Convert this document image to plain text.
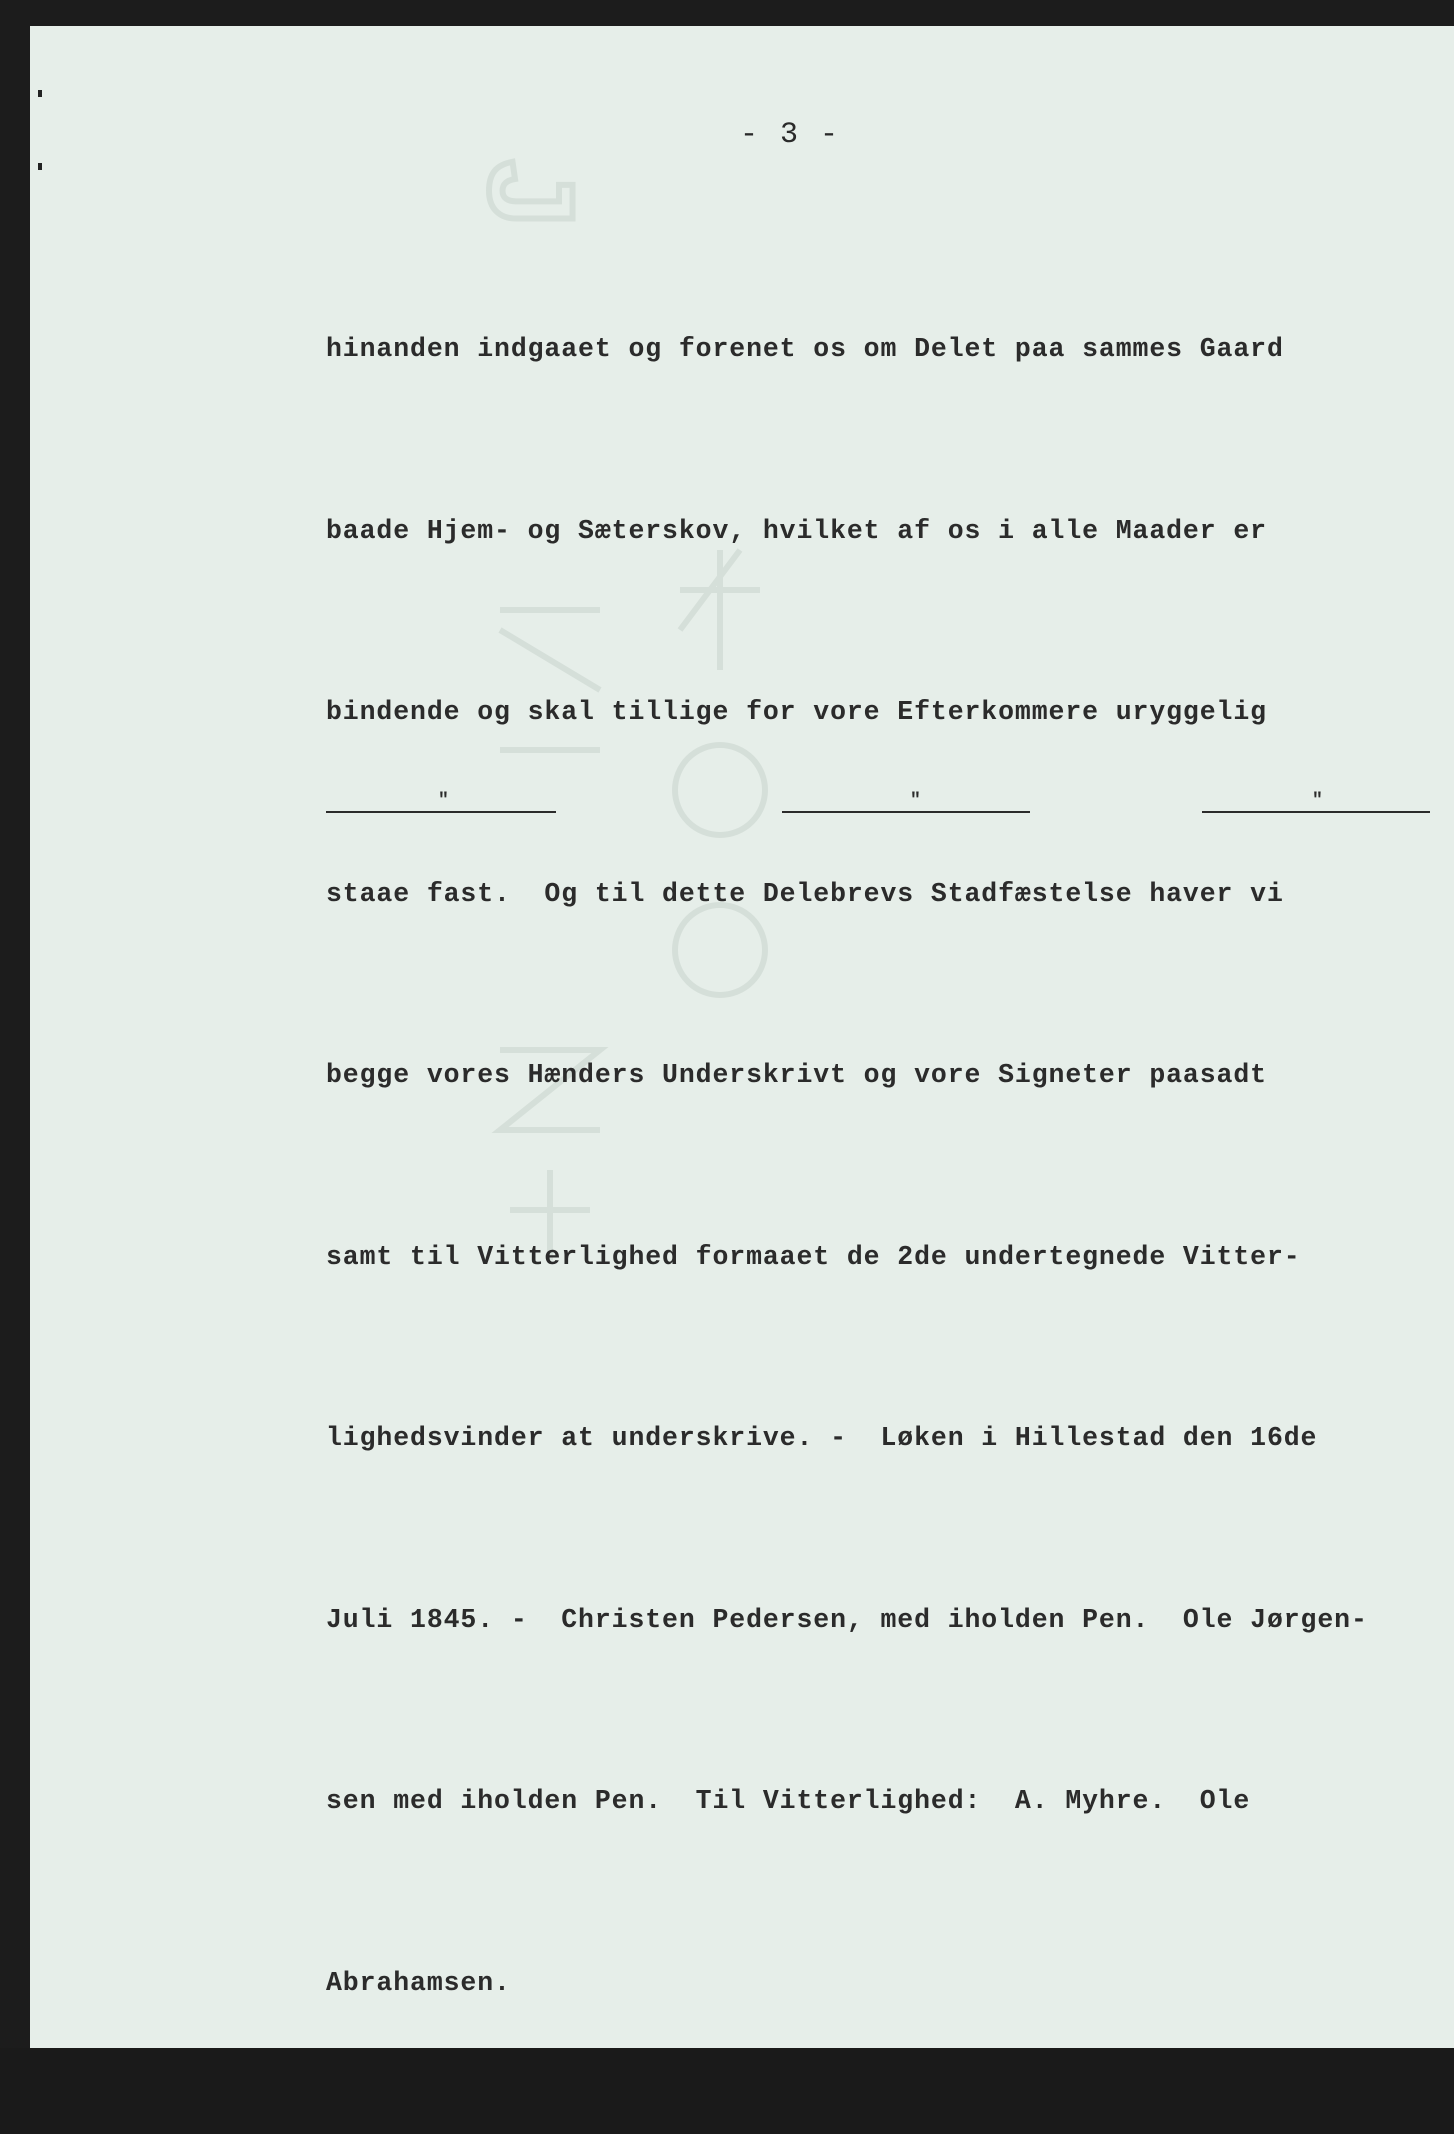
J
- 3 -

hinanden indgaaet og forenet os om Delet paa sammes Gaard

baade Hjem- og Sæterskov, hvilket af os i alle Maader er

bindende og skal tillige for vore Efterkommere uryggelig

staae fast.  Og til dette Delebrevs Stadfæstelse haver vi

begge vores Hænders Underskrivt og vore Signeter paasadt

samt til Vitterlighed formaaet de 2de undertegnede Vitter-

lighedsvinder at underskrive. -  Løken i Hillestad den 16de

Juli 1845. -  Christen Pedersen, med iholden Pen.  Ole Jørgen-

sen med iholden Pen.  Til Vitterlighed:  A. Myhre.  Ole

Abrahamsen.

"	"	"
